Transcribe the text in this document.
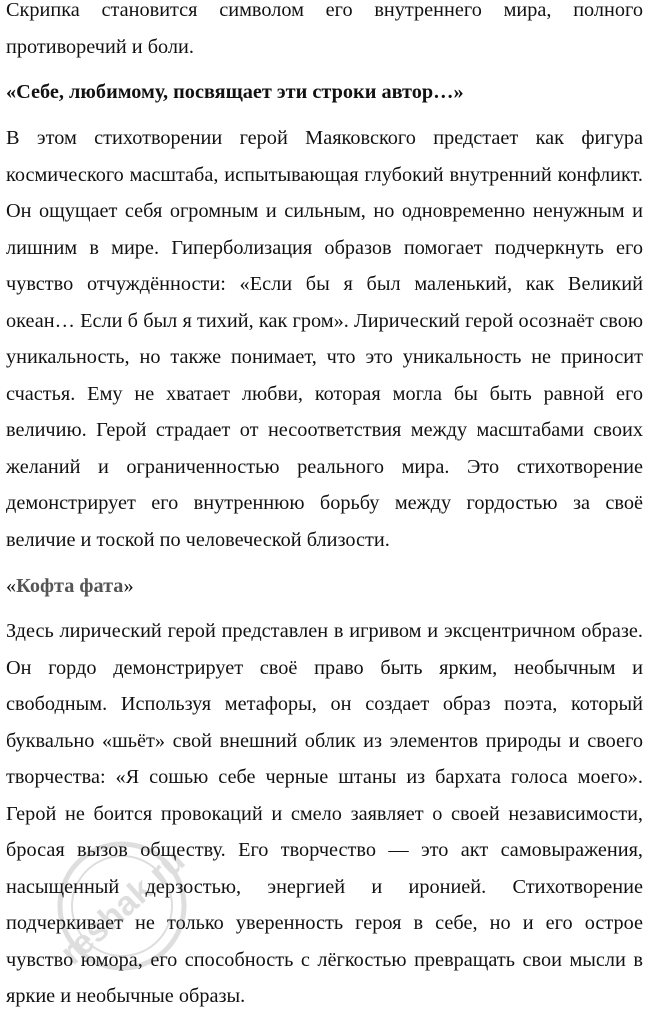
Скрипка становится символом его внутреннего мира, полного противоречий и боли.

«Себе, любимому, посвящает эти строки автор…»

В этом стихотворении герой Маяковского предстает как фигура космического масштаба, испытывающая глубокий внутренний конфликт. Он ощущает себя огромным и сильным, но одновременно ненужным и лишним в мире. Гиперболизация образов помогает подчеркнуть его чувство отчуждённости: «Если бы я был маленький, как Великий океан… Если б был я тихий, как гром». Лирический герой осознаёт свою уникальность, но также понимает, что это уникальность не приносит счастья. Ему не хватает любви, которая могла бы быть равной его величию. Герой страдает от несоответствия между масштабами своих желаний и ограниченностью реального мира. Это стихотворение демонстрирует его внутреннюю борьбу между гордостью за своё величие и тоской по человеческой близости.

«Кофта фата»

Здесь лирический герой представлен в игривом и эксцентричном образе. Он гордо демонстрирует своё право быть ярким, необычным и свободным. Используя метафоры, он создает образ поэта, который буквально «шьёт» свой внешний облик из элементов природы и своего творчества: «Я сошью себе черные штаны из бархата голоса моего». Герой не боится провокаций и смело заявляет о своей независимости, бросая вызов обществу. Его творчество — это акт самовыражения, насыщенный дерзостью, энергией и иронией. Стихотворение подчеркивает не только уверенность героя в себе, но и его острое чувство юмора, его способность с лёгкостью превращать свои мысли в яркие и необычные образы.

reshak.ru
